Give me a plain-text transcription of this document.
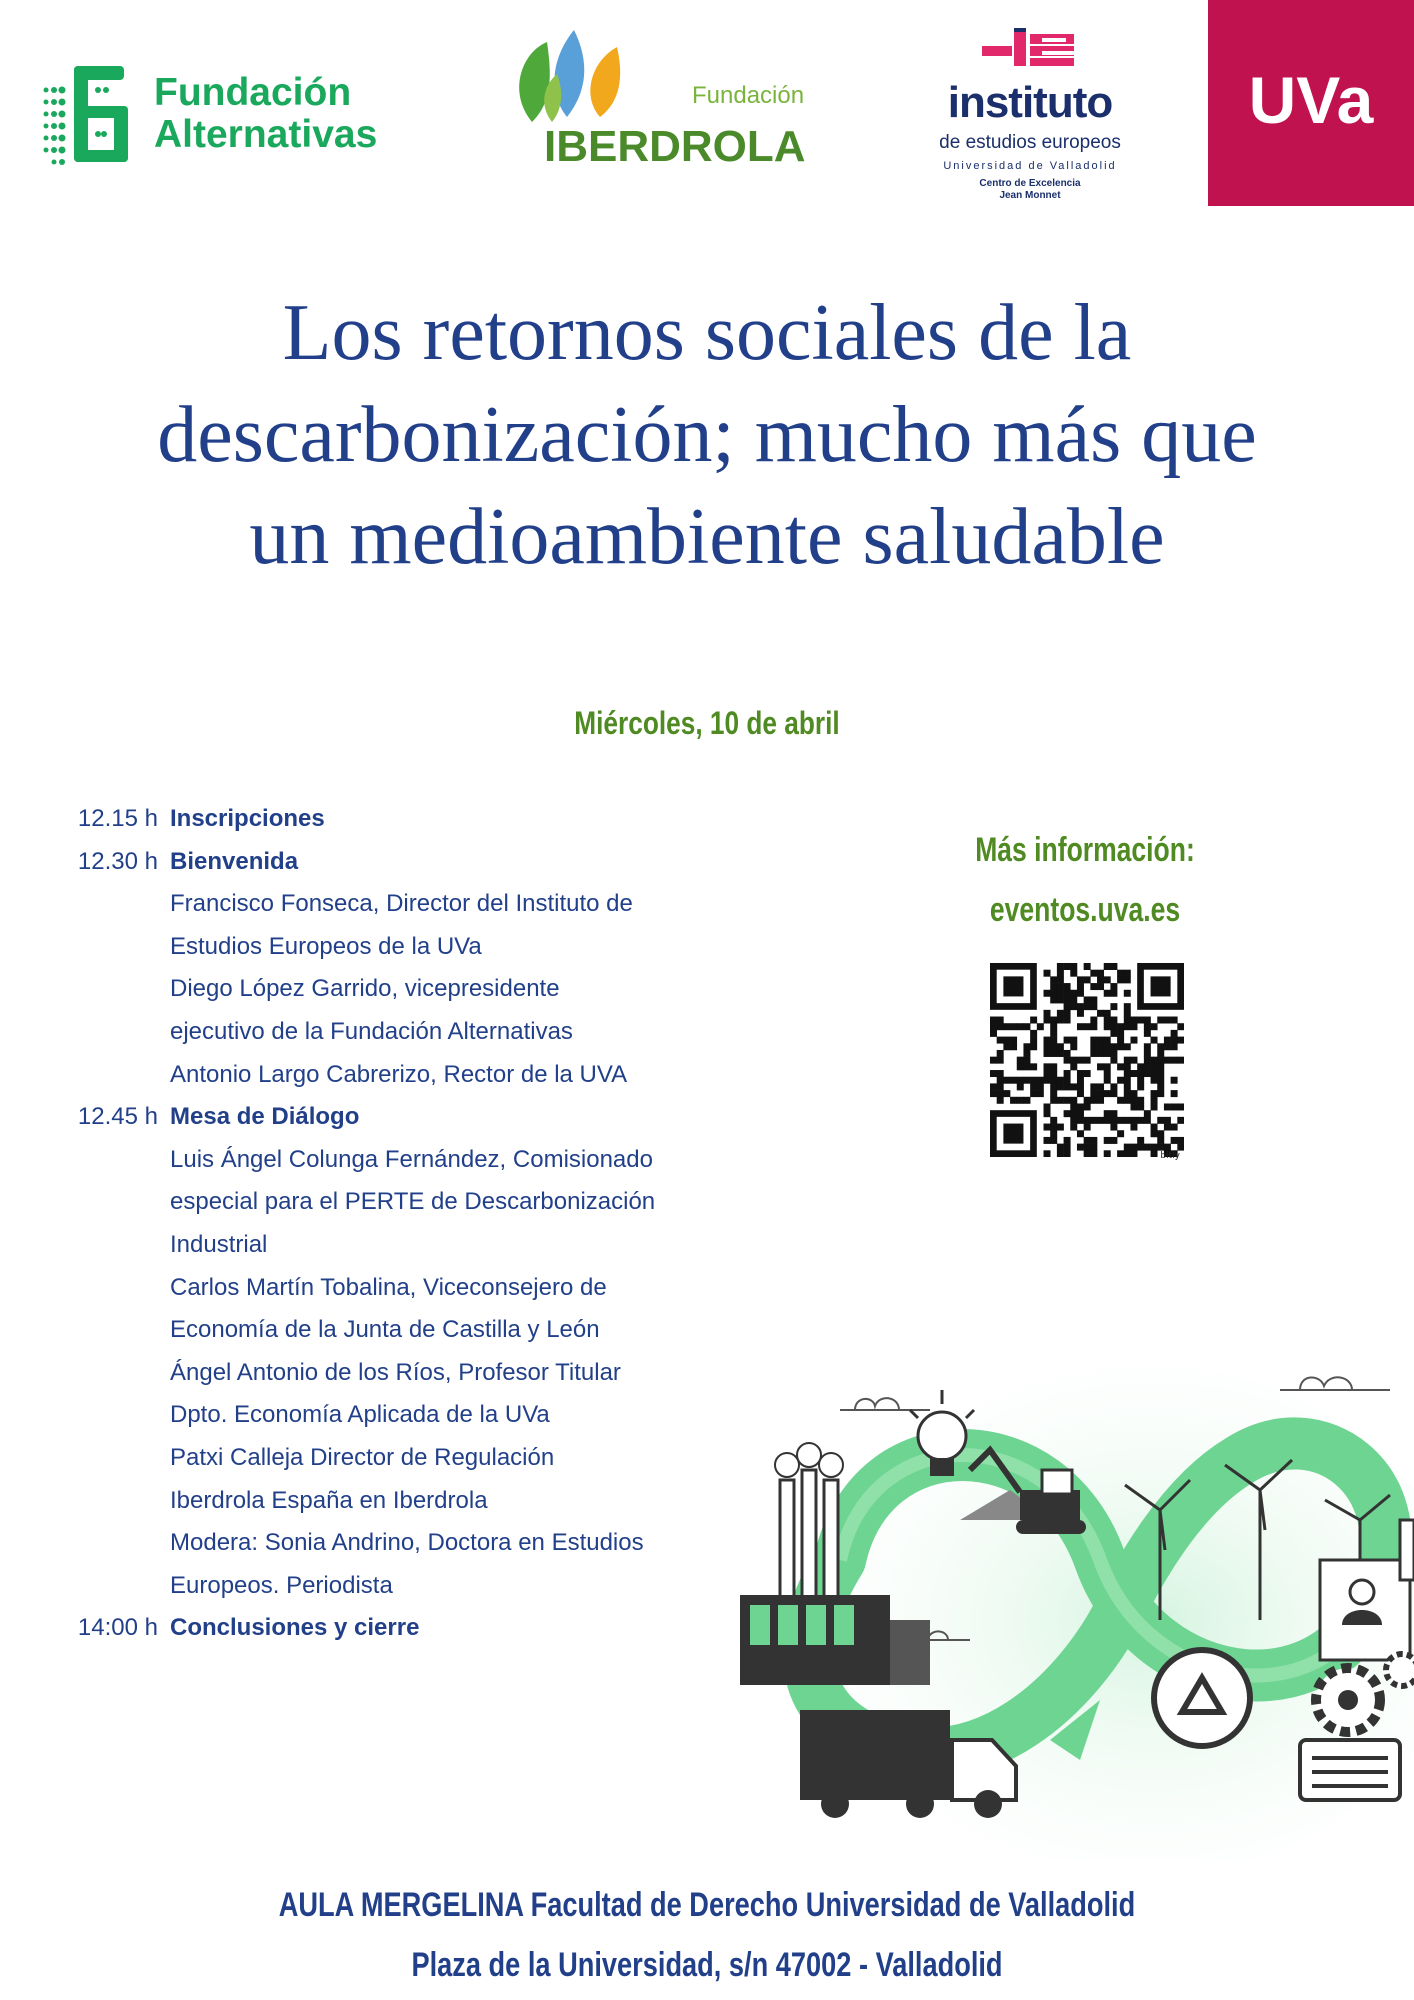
Fundación
Alternativas
Fundación
IBERDROLA
instituto
de estudios europeos
Universidad de Valladolid
Centro de Excelencia
Jean Monnet
UVa
Los retornos sociales de la
descarbonización; mucho más que
un medioambiente saludable
Miércoles, 10 de abril
12.15 h Inscripciones
12.30 h Bienvenida
Francisco Fonseca, Director del Instituto de
Estudios Europeos de la UVa
Diego López Garrido, vicepresidente
ejecutivo de la Fundación Alternativas
Antonio Largo Cabrerizo, Rector de la UVA
12.45 h Mesa de Diálogo
Luis Ángel Colunga Fernández, Comisionado
especial para el PERTE de Descarbonización
Industrial
Carlos Martín Tobalina, Viceconsejero de
Economía de la Junta de Castilla y León
Ángel Antonio de los Ríos, Profesor Titular
Dpto. Economía Aplicada de la UVa
Patxi Calleja Director de Regulación
Iberdrola España en Iberdrola
Modera: Sonia Andrino, Doctora en Estudios
Europeos. Periodista
14:00 h Conclusiones y cierre
Más información:
eventos.uva.es
bitly
AULA MERGELINA Facultad de Derecho Universidad de Valladolid
Plaza de la Universidad, s/n 47002 - Valladolid
